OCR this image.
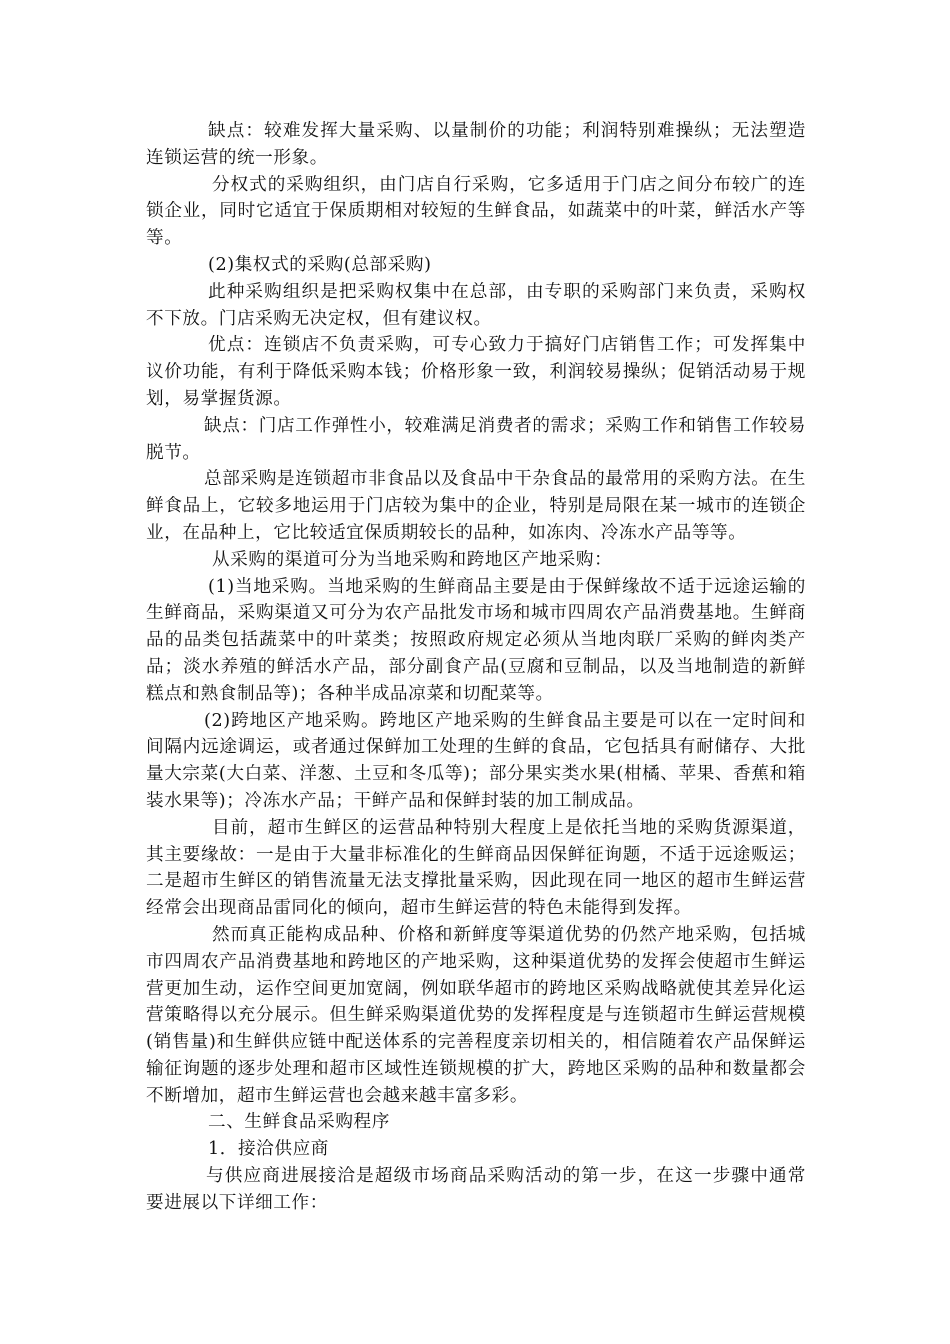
缺点：较难发挥大量采购、以量制价的功能；利润特别难操纵；无法塑造连锁运营的统一形象。

分权式的采购组织，由门店自行采购，它多适用于门店之间分布较广的连锁企业，同时它适宜于保质期相对较短的生鲜食品，如蔬菜中的叶菜，鲜活水产等等。

(2)集权式的采购(总部采购)

此种采购组织是把采购权集中在总部，由专职的采购部门来负责，采购权不下放。门店采购无决定权，但有建议权。

优点：连锁店不负责采购，可专心致力于搞好门店销售工作；可发挥集中议价功能，有利于降低采购本钱；价格形象一致，利润较易操纵；促销活动易于规划，易掌握货源。

缺点：门店工作弹性小，较难满足消费者的需求；采购工作和销售工作较易脱节。

总部采购是连锁超市非食品以及食品中干杂食品的最常用的采购方法。在生鲜食品上，它较多地运用于门店较为集中的企业，特别是局限在某一城市的连锁企业，在品种上，它比较适宜保质期较长的品种，如冻肉、冷冻水产品等等。

从采购的渠道可分为当地采购和跨地区产地采购：

(1)当地采购。当地采购的生鲜商品主要是由于保鲜缘故不适于远途运输的生鲜商品，采购渠道又可分为农产品批发市场和城市四周农产品消费基地。生鲜商品的品类包括蔬菜中的叶菜类；按照政府规定必须从当地肉联厂采购的鲜肉类产品；淡水养殖的鲜活水产品，部分副食产品(豆腐和豆制品，以及当地制造的新鲜糕点和熟食制品等)；各种半成品凉菜和切配菜等。

(2)跨地区产地采购。跨地区产地采购的生鲜食品主要是可以在一定时间和间隔内远途调运，或者通过保鲜加工处理的生鲜的食品，它包括具有耐储存、大批量大宗菜(大白菜、洋葱、土豆和冬瓜等)；部分果实类水果(柑橘、苹果、香蕉和箱装水果等)；冷冻水产品；干鲜产品和保鲜封装的加工制成品。

目前，超市生鲜区的运营品种特别大程度上是依托当地的采购货源渠道，其主要缘故：一是由于大量非标准化的生鲜商品因保鲜征询题，不适于远途贩运；二是超市生鲜区的销售流量无法支撑批量采购，因此现在同一地区的超市生鲜运营经常会出现商品雷同化的倾向，超市生鲜运营的特色未能得到发挥。

然而真正能构成品种、价格和新鲜度等渠道优势的仍然产地采购，包括城市四周农产品消费基地和跨地区的产地采购，这种渠道优势的发挥会使超市生鲜运营更加生动，运作空间更加宽阔，例如联华超市的跨地区采购战略就使其差异化运营策略得以充分展示。但生鲜采购渠道优势的发挥程度是与连锁超市生鲜运营规模(销售量)和生鲜供应链中配送体系的完善程度亲切相关的，相信随着农产品保鲜运输征询题的逐步处理和超市区域性连锁规模的扩大，跨地区采购的品种和数量都会不断增加，超市生鲜运营也会越来越丰富多彩。

二、生鲜食品采购程序

1．接洽供应商

与供应商进展接洽是超级市场商品采购活动的第一步，在这一步骤中通常要进展以下详细工作：
